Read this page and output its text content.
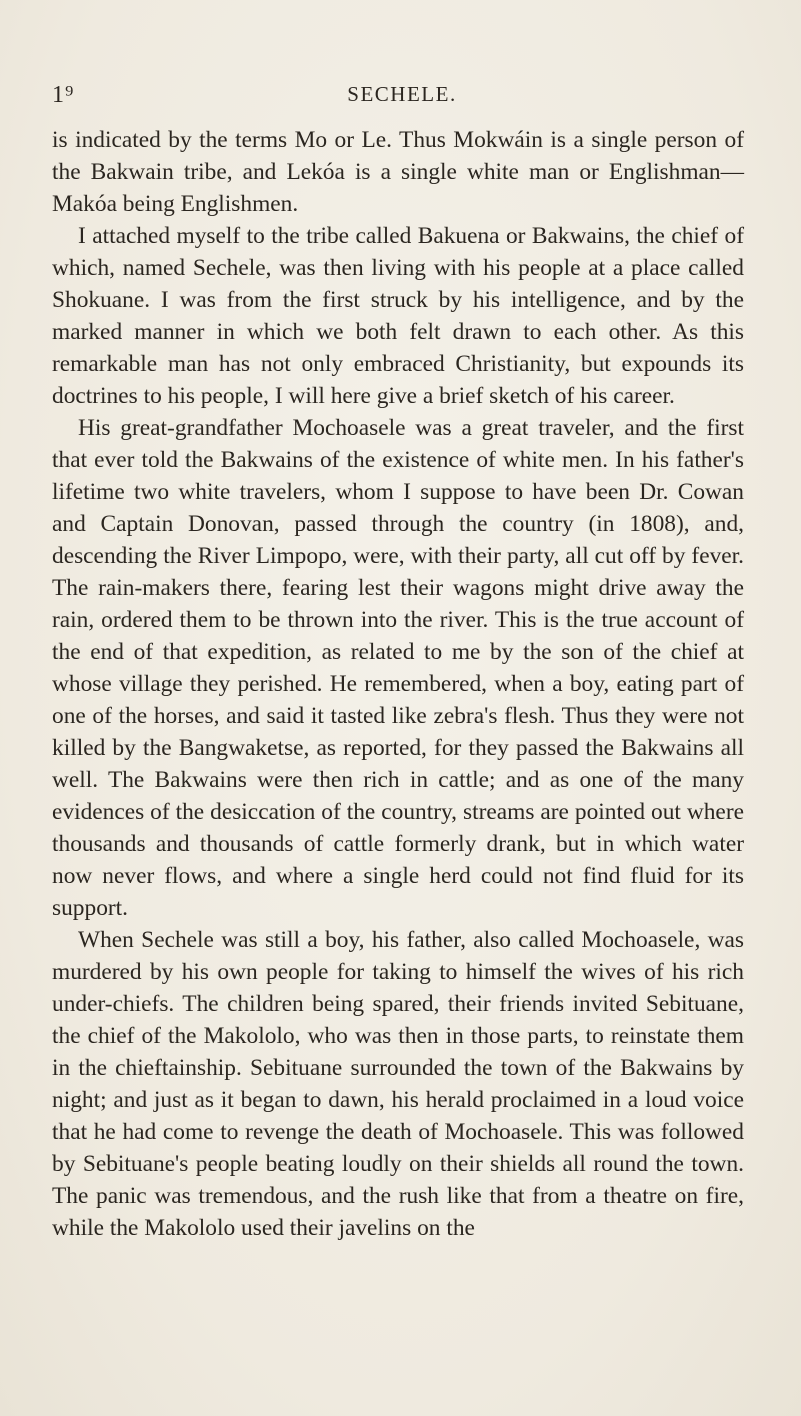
1⁹	SECHELE.

is indicated by the terms Mo or Le. Thus Mokwáin is a single person of the Bakwain tribe, and Lekóa is a single white man or Englishman—Makóa being Englishmen.

I attached myself to the tribe called Bakuena or Bakwains, the chief of which, named Sechele, was then living with his people at a place called Shokuane. I was from the first struck by his intelligence, and by the marked manner in which we both felt drawn to each other. As this remarkable man has not only embraced Christianity, but expounds its doctrines to his people, I will here give a brief sketch of his career.

His great-grandfather Mochoasele was a great traveler, and the first that ever told the Bakwains of the existence of white men. In his father's lifetime two white travelers, whom I suppose to have been Dr. Cowan and Captain Donovan, passed through the country (in 1808), and, descending the River Limpopo, were, with their party, all cut off by fever. The rain-makers there, fearing lest their wagons might drive away the rain, ordered them to be thrown into the river. This is the true account of the end of that expedition, as related to me by the son of the chief at whose village they perished. He remembered, when a boy, eating part of one of the horses, and said it tasted like zebra's flesh. Thus they were not killed by the Bangwaketse, as reported, for they passed the Bakwains all well. The Bakwains were then rich in cattle; and as one of the many evidences of the desiccation of the country, streams are pointed out where thousands and thousands of cattle formerly drank, but in which water now never flows, and where a single herd could not find fluid for its support.

When Sechele was still a boy, his father, also called Mochoasele, was murdered by his own people for taking to himself the wives of his rich under-chiefs. The children being spared, their friends invited Sebituane, the chief of the Makololo, who was then in those parts, to reinstate them in the chieftainship. Sebituane surrounded the town of the Bakwains by night; and just as it began to dawn, his herald proclaimed in a loud voice that he had come to revenge the death of Mochoasele. This was followed by Sebituane's people beating loudly on their shields all round the town. The panic was tremendous, and the rush like that from a theatre on fire, while the Makololo used their javelins on the
